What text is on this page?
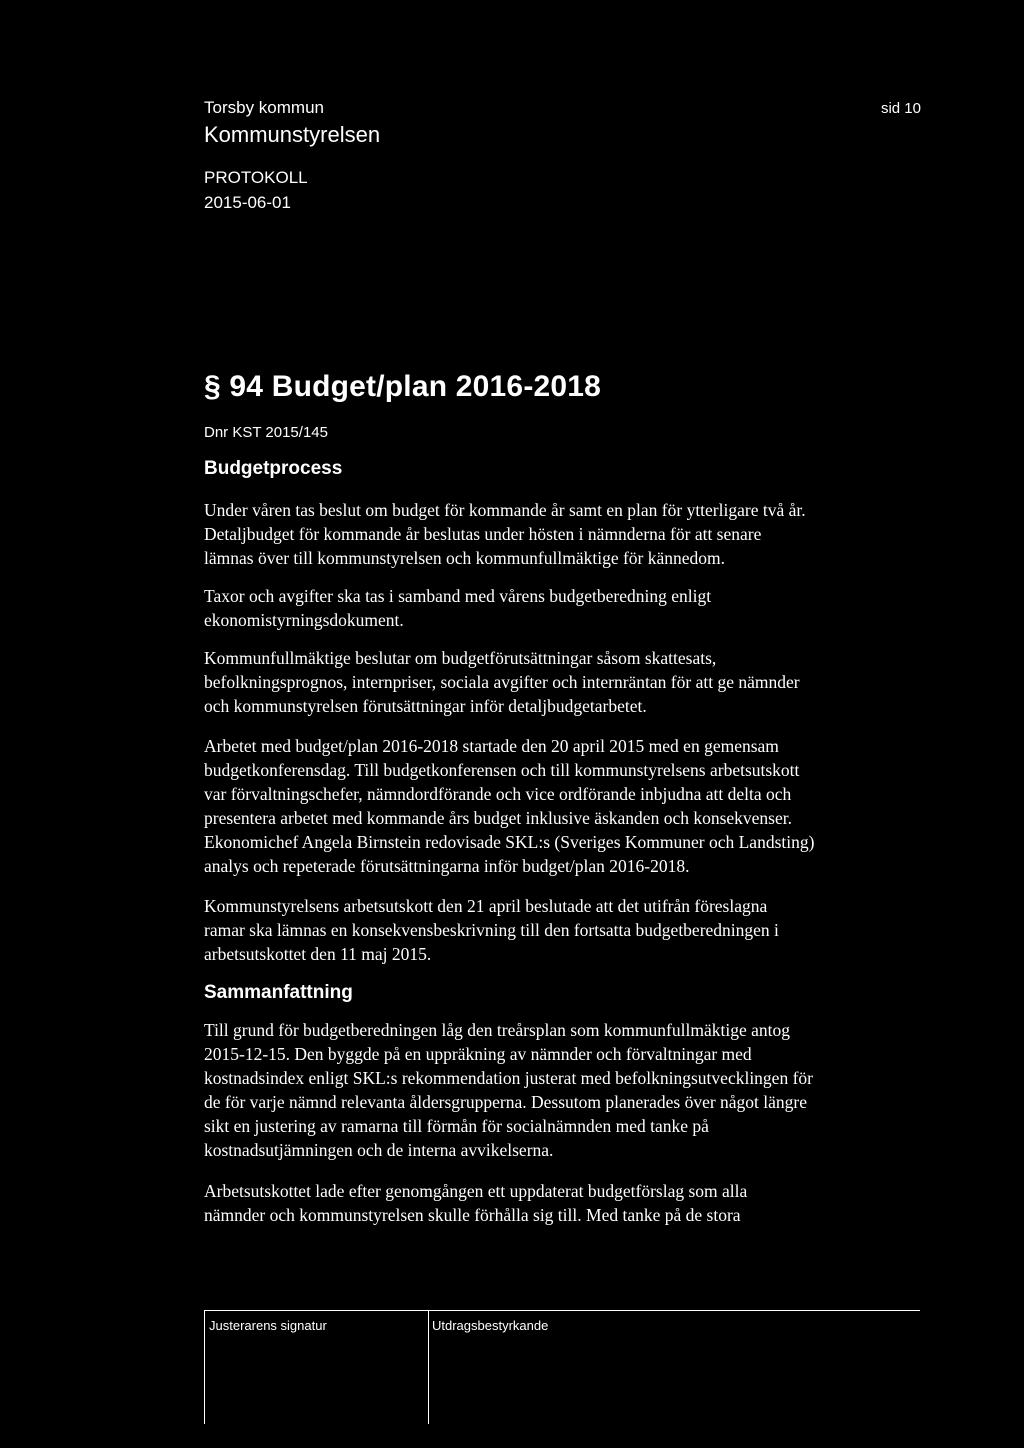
Torsby kommun
Kommunstyrelsen
sid 10
PROTOKOLL
2015-06-01
§ 94 Budget/plan 2016-2018
Dnr KST 2015/145
Budgetprocess

Under våren tas beslut om budget för kommande år samt en plan för ytterligare två år.
Detaljbudget för kommande år beslutas under hösten i nämnderna för att senare
lämnas över till kommunstyrelsen och kommunfullmäktige för kännedom.

Taxor och avgifter ska tas i samband med vårens budgetberedning enligt
ekonomistyrningsdokument.

Kommunfullmäktige beslutar om budgetförutsättningar såsom skattesats,
befolkningsprognos, internpriser, sociala avgifter och internräntan för att ge nämnder
och kommunstyrelsen förutsättningar inför detaljbudgetarbetet.

Arbetet med budget/plan 2016-2018 startade den 20 april 2015 med en gemensam
budgetkonferensdag. Till budgetkonferensen och till kommunstyrelsens arbetsutskott
var förvaltningschefer, nämndordförande och vice ordförande inbjudna att delta och
presentera arbetet med kommande års budget inklusive äskanden och konsekvenser.
Ekonomichef Angela Birnstein redovisade SKL:s (Sveriges Kommuner och Landsting)
analys och repeterade förutsättningarna inför budget/plan 2016-2018.

Kommunstyrelsens arbetsutskott den 21 april beslutade att det utifrån föreslagna
ramar ska lämnas en konsekvensbeskrivning till den fortsatta budgetberedningen i
arbetsutskottet den 11 maj 2015.

Sammanfattning

Till grund för budgetberedningen låg den treårsplan som kommunfullmäktige antog
2015-12-15. Den byggde på en uppräkning av nämnder och förvaltningar med
kostnadsindex enligt SKL:s rekommendation justerat med befolkningsutvecklingen för
de för varje nämnd relevanta åldersgrupperna. Dessutom planerades över något längre
sikt en justering av ramarna till förmån för socialnämnden med tanke på
kostnadsutjämningen och de interna avvikelserna.

Arbetsutskottet lade efter genomgången ett uppdaterat budgetförslag som alla
nämnder och kommunstyrelsen skulle förhålla sig till. Med tanke på de stora

Justerarens signatur	Utdragsbestyrkande
